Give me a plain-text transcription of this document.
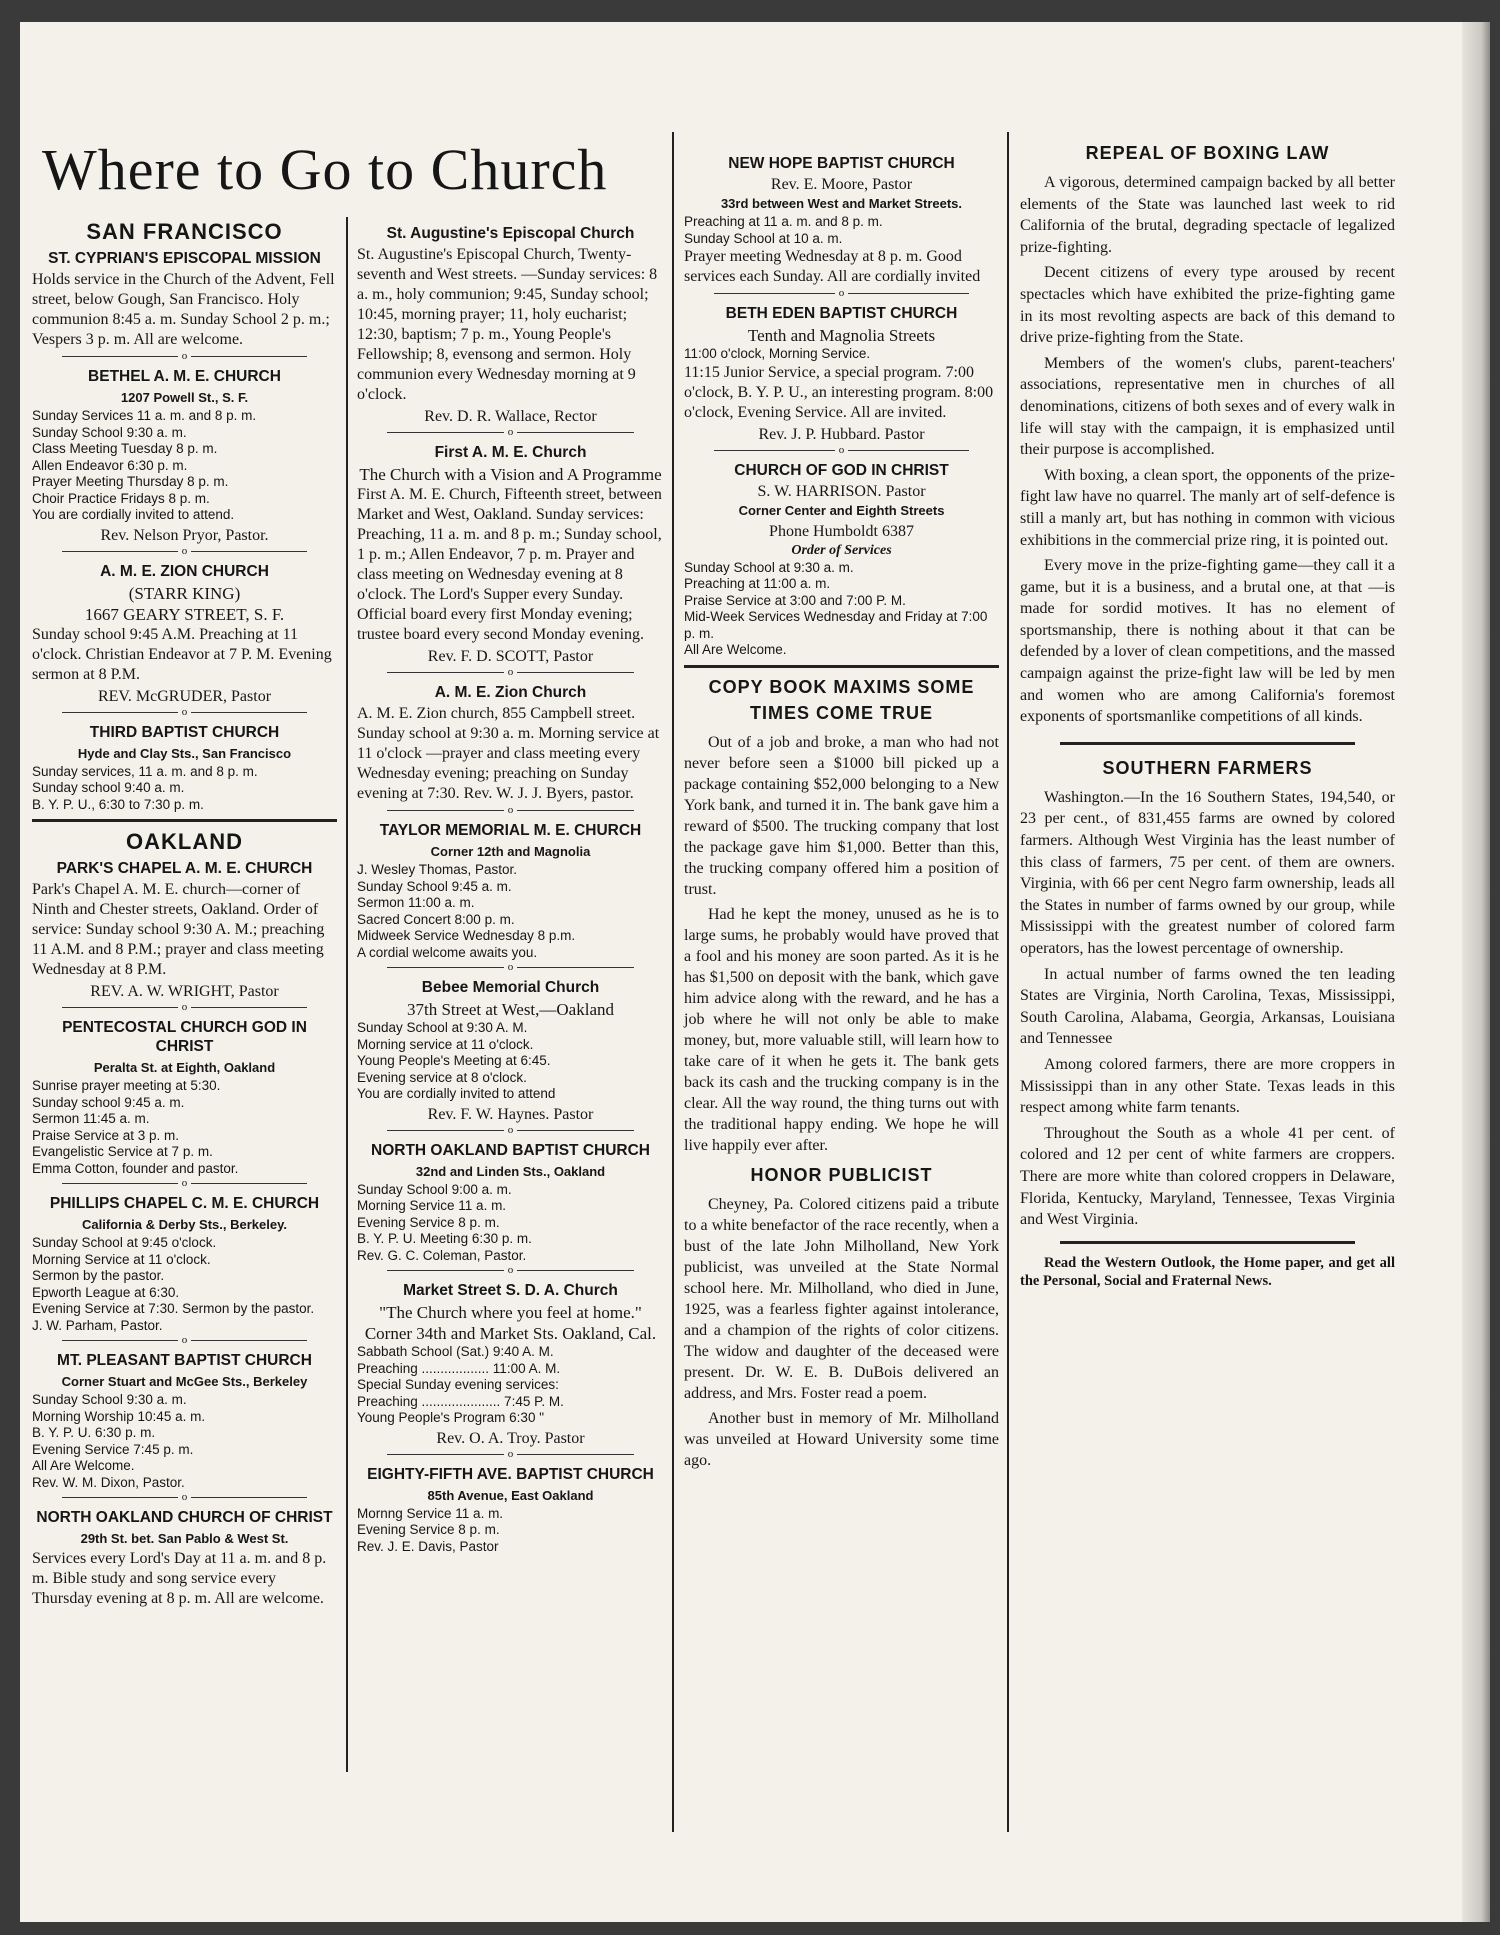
Where to Go to Church
SAN FRANCISCO
ST. CYPRIAN'S EPISCOPAL MISSION
Holds service in the Church of the Advent, Fell street, below Gough, San Francisco. Holy communion 8:45 a. m. Sunday School 2 p. m.; Vespers 3 p. m. All are welcome.
o
BETHEL A. M. E. CHURCH
1207 Powell St., S. F.
Sunday Services 11 a. m. and 8 p. m.
Sunday School 9:30 a. m.
Class Meeting Tuesday 8 p. m.
Allen Endeavor 6:30 p. m.
Prayer Meeting Thursday 8 p. m.
Choir Practice Fridays 8 p. m.
You are cordially invited to attend.
Rev. Nelson Pryor, Pastor.
o
A. M. E. ZION CHURCH
(STARR KING)
1667 GEARY STREET, S. F.
Sunday school 9:45 A.M. Preaching at 11 o'clock. Christian Endeavor at 7 P. M. Evening sermon at 8 P.M.
REV. McGRUDER, Pastor
o
THIRD BAPTIST CHURCH
Hyde and Clay Sts., San Francisco
Sunday services, 11 a. m. and 8 p. m.
Sunday school 9:40 a. m.
B. Y. P. U., 6:30 to 7:30 p. m.
OAKLAND
PARK'S CHAPEL A. M. E. CHURCH
Park's Chapel A. M. E. church—corner of Ninth and Chester streets, Oakland. Order of service: Sunday school 9:30 A. M.; preaching 11 A.M. and 8 P.M.; prayer and class meeting Wednesday at 8 P.M.
REV. A. W. WRIGHT, Pastor
o
PENTECOSTAL CHURCH GOD IN CHRIST
Peralta St. at Eighth, Oakland
Sunrise prayer meeting at 5:30.
Sunday school 9:45 a. m.
Sermon 11:45 a. m.
Praise Service at 3 p. m.
Evangelistic Service at 7 p. m.
Emma Cotton, founder and pastor.
o
PHILLIPS CHAPEL C. M. E. CHURCH
California & Derby Sts., Berkeley.
Sunday School at 9:45 o'clock.
Morning Service at 11 o'clock.
Sermon by the pastor.
Epworth League at 6:30.
Evening Service at 7:30. Sermon by the pastor.
J. W. Parham, Pastor.
o
MT. PLEASANT BAPTIST CHURCH
Corner Stuart and McGee Sts., Berkeley
Sunday School 9:30 a. m.
Morning Worship 10:45 a. m.
B. Y. P. U. 6:30 p. m.
Evening Service 7:45 p. m.
All Are Welcome.
Rev. W. M. Dixon, Pastor.
o
NORTH OAKLAND CHURCH OF CHRIST
29th St. bet. San Pablo & West St.
Services every Lord's Day at 11 a. m. and 8 p. m. Bible study and song service every Thursday evening at 8 p. m. All are welcome.
St. Augustine's Episcopal Church
St. Augustine's Episcopal Church, Twenty-seventh and West streets. —Sunday services: 8 a. m., holy communion; 9:45, Sunday school; 10:45, morning prayer; 11, holy eucharist; 12:30, baptism; 7 p. m., Young People's Fellowship; 8, evensong and sermon. Holy communion every Wednesday morning at 9 o'clock.
Rev. D. R. Wallace, Rector
o
First A. M. E. Church
The Church with a Vision and A Programme
First A. M. E. Church, Fifteenth street, between Market and West, Oakland. Sunday services: Preaching, 11 a. m. and 8 p. m.; Sunday school, 1 p. m.; Allen Endeavor, 7 p. m. Prayer and class meeting on Wednesday evening at 8 o'clock. The Lord's Supper every Sunday. Official board every first Monday evening; trustee board every second Monday evening.
Rev. F. D. SCOTT, Pastor
o
A. M. E. Zion Church
A. M. E. Zion church, 855 Campbell street. Sunday school at 9:30 a. m. Morning service at 11 o'clock —prayer and class meeting every Wednesday evening; preaching on Sunday evening at 7:30. Rev. W. J. J. Byers, pastor.
o
TAYLOR MEMORIAL M. E. CHURCH
Corner 12th and Magnolia
J. Wesley Thomas, Pastor.
Sunday School 9:45 a. m.
Sermon 11:00 a. m.
Sacred Concert 8:00 p. m.
Midweek Service Wednesday 8 p.m.
A cordial welcome awaits you.
o
Bebee Memorial Church
37th Street at West,—Oakland
Sunday School at 9:30 A. M.
Morning service at 11 o'clock.
Young People's Meeting at 6:45.
Evening service at 8 o'clock.
You are cordially invited to attend
Rev. F. W. Haynes. Pastor
o
NORTH OAKLAND BAPTIST CHURCH
32nd and Linden Sts., Oakland
Sunday School 9:00 a. m.
Morning Service 11 a. m.
Evening Service 8 p. m.
B. Y. P. U. Meeting 6:30 p. m.
Rev. G. C. Coleman, Pastor.
o
Market Street S. D. A. Church
"The Church where you feel at home."
Corner 34th and Market Sts. Oakland, Cal.
Sabbath School (Sat.) 9:40 A. M.
Preaching .................. 11:00 A. M.
Special Sunday evening services:
Preaching ..................... 7:45 P. M.
Young People's Program 6:30 "
Rev. O. A. Troy. Pastor
o
EIGHTY-FIFTH AVE. BAPTIST CHURCH
85th Avenue, East Oakland
Mornng Service 11 a. m.
Evening Service 8 p. m.
Rev. J. E. Davis, Pastor
NEW HOPE BAPTIST CHURCH
Rev. E. Moore, Pastor
33rd between West and Market Streets.
Preaching at 11 a. m. and 8 p. m.
Sunday School at 10 a. m.
Prayer meeting Wednesday at 8 p. m. Good services each Sunday. All are cordially invited
o
BETH EDEN BAPTIST CHURCH
Tenth and Magnolia Streets
11:00 o'clock, Morning Service.
11:15 Junior Service, a special program. 7:00 o'clock, B. Y. P. U., an interesting program. 8:00 o'clock, Evening Service. All are invited.
Rev. J. P. Hubbard. Pastor
o
CHURCH OF GOD IN CHRIST
S. W. HARRISON. Pastor
Corner Center and Eighth Streets
Phone Humboldt 6387
Order of Services
Sunday School at 9:30 a. m.
Preaching at 11:00 a. m.
Praise Service at 3:00 and 7:00 P. M.
Mid-Week Services Wednesday and Friday at 7:00 p. m.
All Are Welcome.
COPY BOOK MAXIMS SOME TIMES COME TRUE

Out of a job and broke, a man who had not never before seen a $1000 bill picked up a package containing $52,000 belonging to a New York bank, and turned it in. The bank gave him a reward of $500. The trucking company that lost the package gave him $1,000. Better than this, the trucking company offered him a position of trust.

Had he kept the money, unused as he is to large sums, he probably would have proved that a fool and his money are soon parted. As it is he has $1,500 on deposit with the bank, which gave him advice along with the reward, and he has a job where he will not only be able to make money, but, more valuable still, will learn how to take care of it when he gets it. The bank gets back its cash and the trucking company is in the clear. All the way round, the thing turns out with the traditional happy ending. We hope he will live happily ever after.

HONOR PUBLICIST

Cheyney, Pa. Colored citizens paid a tribute to a white benefactor of the race recently, when a bust of the late John Milholland, New York publicist, was unveiled at the State Normal school here. Mr. Milholland, who died in June, 1925, was a fearless fighter against intolerance, and a champion of the rights of color citizens. The widow and daughter of the deceased were present. Dr. W. E. B. DuBois delivered an address, and Mrs. Foster read a poem.

Another bust in memory of Mr. Milholland was unveiled at Howard University some time ago.

REPEAL OF BOXING LAW

A vigorous, determined campaign backed by all better elements of the State was launched last week to rid California of the brutal, degrading spectacle of legalized prize-fighting.

Decent citizens of every type aroused by recent spectacles which have exhibited the prize-fighting game in its most revolting aspects are back of this demand to drive prize-fighting from the State.

Members of the women's clubs, parent-teachers' associations, representative men in churches of all denominations, citizens of both sexes and of every walk in life will stay with the campaign, it is emphasized until their purpose is accomplished.

With boxing, a clean sport, the opponents of the prize-fight law have no quarrel. The manly art of self-defence is still a manly art, but has nothing in common with vicious exhibitions in the commercial prize ring, it is pointed out.

Every move in the prize-fighting game—they call it a game, but it is a business, and a brutal one, at that —is made for sordid motives. It has no element of sportsmanship, there is nothing about it that can be defended by a lover of clean competitions, and the massed campaign against the prize-fight law will be led by men and women who are among California's foremost exponents of sportsmanlike competitions of all kinds.

SOUTHERN FARMERS

Washington.—In the 16 Southern States, 194,540, or 23 per cent., of 831,455 farms are owned by colored farmers. Although West Virginia has the least number of this class of farmers, 75 per cent. of them are owners. Virginia, with 66 per cent Negro farm ownership, leads all the States in number of farms owned by our group, while Mississippi with the greatest number of colored farm operators, has the lowest percentage of ownership.

In actual number of farms owned the ten leading States are Virginia, North Carolina, Texas, Mississippi, South Carolina, Alabama, Georgia, Arkansas, Louisiana and Tennessee

Among colored farmers, there are more croppers in Mississippi than in any other State. Texas leads in this respect among white farm tenants.

Throughout the South as a whole 41 per cent. of colored and 12 per cent of white farmers are croppers. There are more white than colored croppers in Delaware, Florida, Kentucky, Maryland, Tennessee, Texas Virginia and West Virginia.

Read the Western Outlook, the Home paper, and get all the Personal, Social and Fraternal News.
